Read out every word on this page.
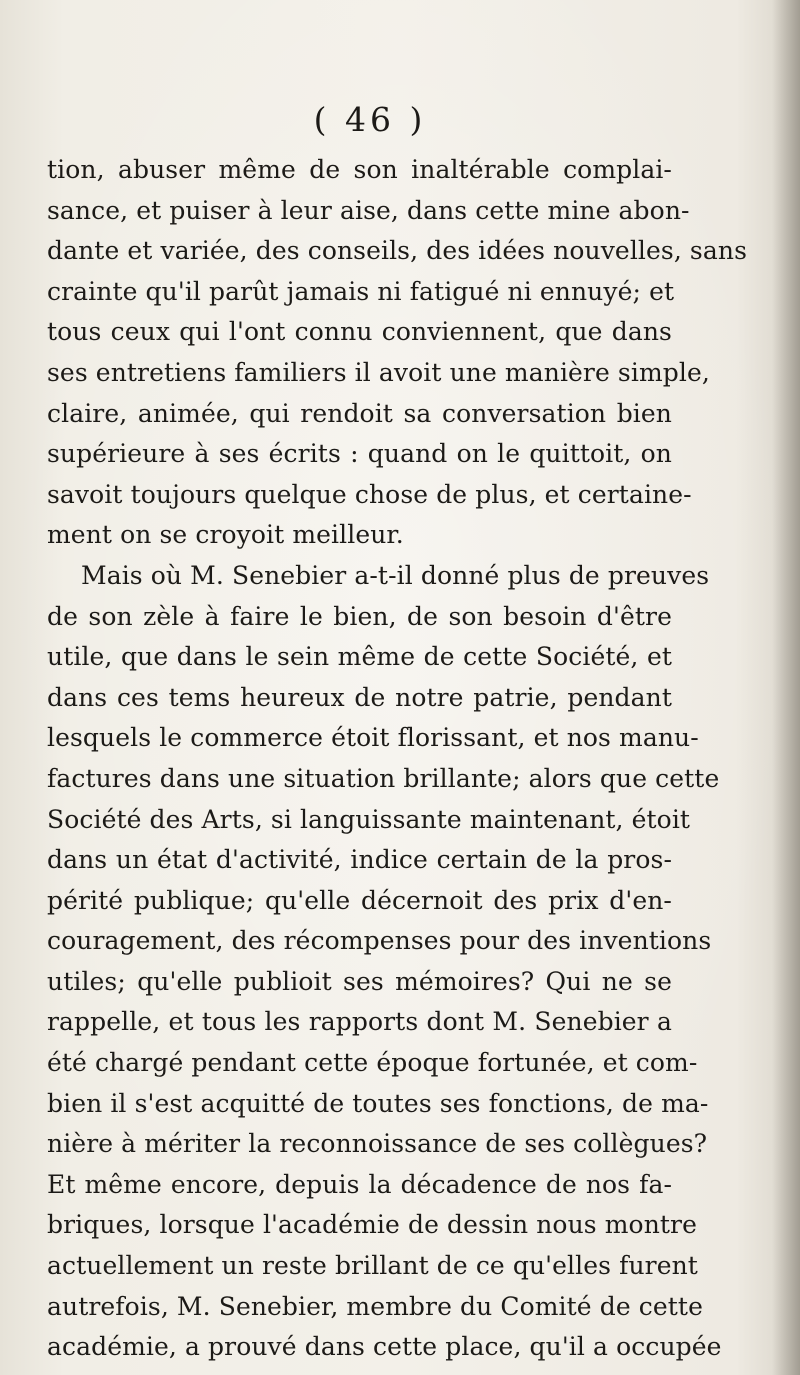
( 46 )
tion, abuser même de son inaltérable complai-
sance, et puiser à leur aise, dans cette mine abon-
dante et variée, des conseils, des idées nouvelles, sans
crainte qu'il parût jamais ni fatigué ni ennuyé; et
tous ceux qui l'ont connu conviennent, que dans
ses entretiens familiers il avoit une manière simple,
claire, animée, qui rendoit sa conversation bien
supérieure à ses écrits : quand on le quittoit, on
savoit toujours quelque chose de plus, et certaine-
ment on se croyoit meilleur.
Mais où M. Senebier a-t-il donné plus de preuves
de son zèle à faire le bien, de son besoin d'être
utile, que dans le sein même de cette Société, et
dans ces tems heureux de notre patrie, pendant
lesquels le commerce étoit florissant, et nos manu-
factures dans une situation brillante; alors que cette
Société des Arts, si languissante maintenant, étoit
dans un état d'activité, indice certain de la pros-
périté publique; qu'elle décernoit des prix d'en-
couragement, des récompenses pour des inventions
utiles; qu'elle publioit ses mémoires? Qui ne se
rappelle, et tous les rapports dont M. Senebier a
été chargé pendant cette époque fortunée, et com-
bien il s'est acquitté de toutes ses fonctions, de ma-
nière à mériter la reconnoissance de ses collègues?
Et même encore, depuis la décadence de nos fa-
briques, lorsque l'académie de dessin nous montre
actuellement un reste brillant de ce qu'elles furent
autrefois, M. Senebier, membre du Comité de cette
académie, a prouvé dans cette place, qu'il a occupée
